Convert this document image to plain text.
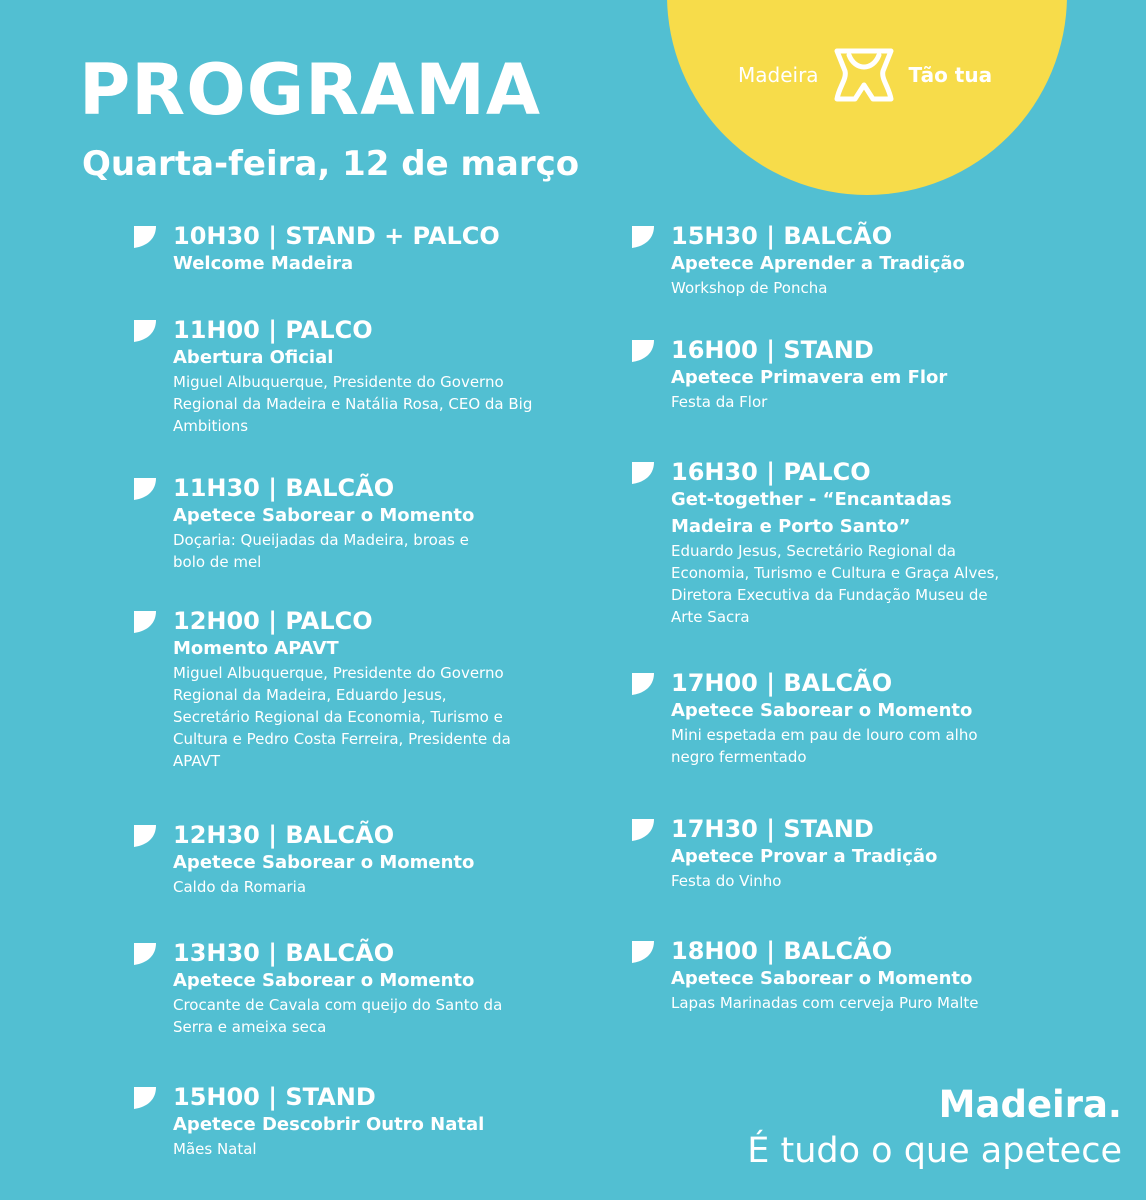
Madeira	Tão tua
PROGRAMA
Quarta-feira, 12 de março

10H30 | STAND + PALCO

Welcome Madeira

11H00 | PALCO

Abertura Oficial

Miguel Albuquerque, Presidente do Governo Regional da Madeira e Natália Rosa, CEO da Big Ambitions

11H30 | BALCÃO

Apetece Saborear o Momento

Doçaria: Queijadas da Madeira, broas e bolo de mel

12H00 | PALCO

Momento APAVT

Miguel Albuquerque, Presidente do Governo Regional da Madeira, Eduardo Jesus, Secretário Regional da Economia, Turismo e Cultura e Pedro Costa Ferreira, Presidente da APAVT

12H30 | BALCÃO

Apetece Saborear o Momento

Caldo da Romaria

13H30 | BALCÃO

Apetece Saborear o Momento

Crocante de Cavala com queijo do Santo da Serra e ameixa seca

15H00 | STAND

Apetece Descobrir Outro Natal

Mães Natal

15H30 | BALCÃO

Apetece Aprender a Tradição

Workshop de Poncha

16H00 | STAND

Apetece Primavera em Flor

Festa da Flor

16H30 | PALCO

Get-together - “Encantadas Madeira e Porto Santo”

Eduardo Jesus, Secretário Regional da Economia, Turismo e Cultura e Graça Alves, Diretora Executiva da Fundação Museu de Arte Sacra

17H00 | BALCÃO

Apetece Saborear o Momento

Mini espetada em pau de louro com alho negro fermentado

17H30 | STAND

Apetece Provar a Tradição

Festa do Vinho

18H00 | BALCÃO

Apetece Saborear o Momento

Lapas Marinadas com cerveja Puro Malte

Madeira.
É tudo o que apetece
